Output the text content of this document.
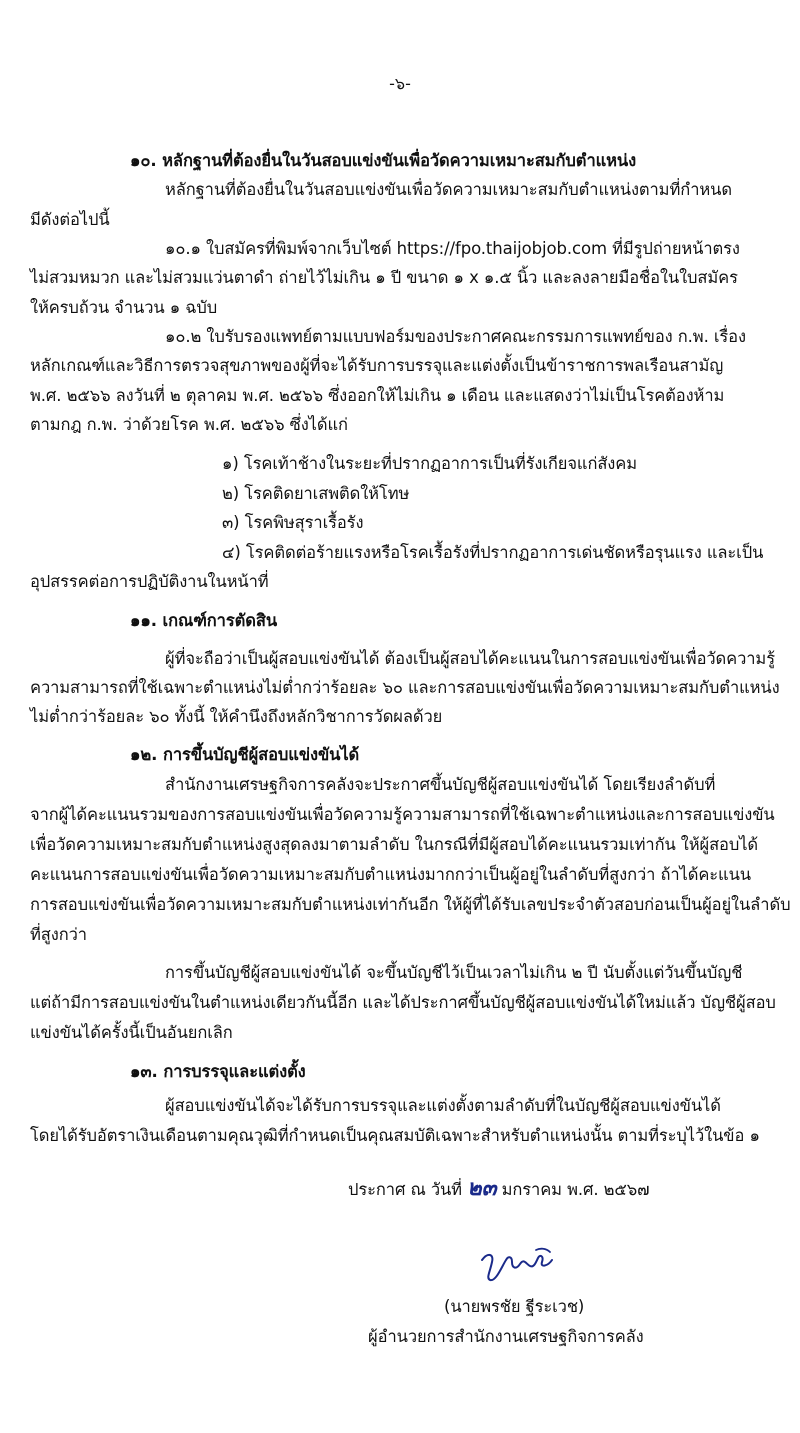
-๖-
๑๐. หลักฐานที่ต้องยื่นในวันสอบแข่งขันเพื่อวัดความเหมาะสมกับตำแหน่ง
หลักฐานที่ต้องยื่นในวันสอบแข่งขันเพื่อวัดความเหมาะสมกับตำแหน่งตามที่กำหนด
มีดังต่อไปนี้
๑๐.๑ ใบสมัครที่พิมพ์จากเว็บไซต์ https://fpo.thaijobjob.com ที่มีรูปถ่ายหน้าตรง
ไม่สวมหมวก และไม่สวมแว่นตาดำ ถ่ายไว้ไม่เกิน ๑ ปี ขนาด ๑ x ๑.๕ นิ้ว และลงลายมือชื่อในใบสมัคร
ให้ครบถ้วน จำนวน ๑ ฉบับ
๑๐.๒ ใบรับรองแพทย์ตามแบบฟอร์มของประกาศคณะกรรมการแพทย์ของ ก.พ. เรื่อง
หลักเกณฑ์และวิธีการตรวจสุขภาพของผู้ที่จะได้รับการบรรจุและแต่งตั้งเป็นข้าราชการพลเรือนสามัญ
พ.ศ. ๒๕๖๖ ลงวันที่ ๒ ตุลาคม พ.ศ. ๒๕๖๖ ซึ่งออกให้ไม่เกิน ๑ เดือน และแสดงว่าไม่เป็นโรคต้องห้าม
ตามกฎ ก.พ. ว่าด้วยโรค พ.ศ. ๒๕๖๖ ซึ่งได้แก่
๑) โรคเท้าช้างในระยะที่ปรากฏอาการเป็นที่รังเกียจแก่สังคม
๒) โรคติดยาเสพติดให้โทษ
๓) โรคพิษสุราเรื้อรัง
๔) โรคติดต่อร้ายแรงหรือโรคเรื้อรังที่ปรากฏอาการเด่นชัดหรือรุนแรง และเป็น
อุปสรรคต่อการปฏิบัติงานในหน้าที่
๑๑. เกณฑ์การตัดสิน
ผู้ที่จะถือว่าเป็นผู้สอบแข่งขันได้ ต้องเป็นผู้สอบได้คะแนนในการสอบแข่งขันเพื่อวัดความรู้
ความสามารถที่ใช้เฉพาะตำแหน่งไม่ต่ำกว่าร้อยละ ๖๐ และการสอบแข่งขันเพื่อวัดความเหมาะสมกับตำแหน่ง
ไม่ต่ำกว่าร้อยละ ๖๐ ทั้งนี้ ให้คำนึงถึงหลักวิชาการวัดผลด้วย
๑๒. การขึ้นบัญชีผู้สอบแข่งขันได้
สำนักงานเศรษฐกิจการคลังจะประกาศขึ้นบัญชีผู้สอบแข่งขันได้ โดยเรียงลำดับที่
จากผู้ได้คะแนนรวมของการสอบแข่งขันเพื่อวัดความรู้ความสามารถที่ใช้เฉพาะตำแหน่งและการสอบแข่งขัน
เพื่อวัดความเหมาะสมกับตำแหน่งสูงสุดลงมาตามลำดับ ในกรณีที่มีผู้สอบได้คะแนนรวมเท่ากัน ให้ผู้สอบได้
คะแนนการสอบแข่งขันเพื่อวัดความเหมาะสมกับตำแหน่งมากกว่าเป็นผู้อยู่ในลำดับที่สูงกว่า ถ้าได้คะแนน
การสอบแข่งขันเพื่อวัดความเหมาะสมกับตำแหน่งเท่ากันอีก ให้ผู้ที่ได้รับเลขประจำตัวสอบก่อนเป็นผู้อยู่ในลำดับ
ที่สูงกว่า
การขึ้นบัญชีผู้สอบแข่งขันได้ จะขึ้นบัญชีไว้เป็นเวลาไม่เกิน ๒ ปี นับตั้งแต่วันขึ้นบัญชี
แต่ถ้ามีการสอบแข่งขันในตำแหน่งเดียวกันนี้อีก และได้ประกาศขึ้นบัญชีผู้สอบแข่งขันได้ใหม่แล้ว บัญชีผู้สอบ
แข่งขันได้ครั้งนี้เป็นอันยกเลิก
๑๓. การบรรจุและแต่งตั้ง
ผู้สอบแข่งขันได้จะได้รับการบรรจุและแต่งตั้งตามลำดับที่ในบัญชีผู้สอบแข่งขันได้
โดยได้รับอัตราเงินเดือนตามคุณวุฒิที่กำหนดเป็นคุณสมบัติเฉพาะสำหรับตำแหน่งนั้น ตามที่ระบุไว้ในข้อ ๑
ประกาศ ณ วันที่ ๒๓ มกราคม พ.ศ. ๒๕๖๗
(นายพรชัย ฐีระเวช)
ผู้อำนวยการสำนักงานเศรษฐกิจการคลัง
